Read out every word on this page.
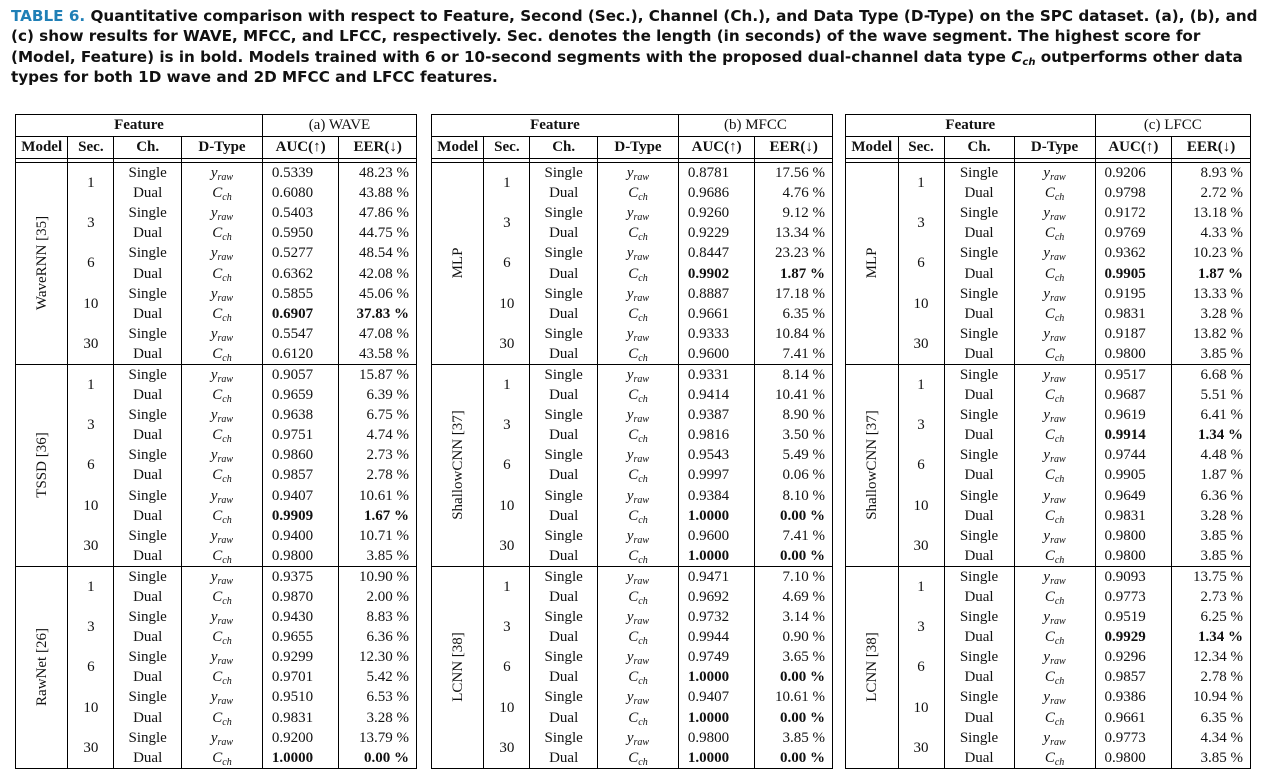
TABLE 6. Quantitative comparison with respect to Feature, Second (Sec.), Channel (Ch.), and Data Type (D-Type) on the SPC dataset. (a), (b), and (c) show results for WAVE, MFCC, and LFCC, respectively. Sec. denotes the length (in seconds) of the wave segment. The highest score for (Model, Feature) is in bold. Models trained with 6 or 10-second segments with the proposed dual-channel data type $C_{ch}$ outperforms other data types for both 1D wave and 2D MFCC and LFCC features.
Feature				(a) WAVE	
Model	Sec.	Ch.	D-Type	AUC(↑)	EER(↓)

WaveRNN [35]	1	Single	$y_{raw}$	0.5339	48.23 %
		Dual	$C_{ch}$	0.6080	43.88 %
	3	Single	$y_{raw}$	0.5403	47.86 %
		Dual	$C_{ch}$	0.5950	44.75 %
	6	Single	$y_{raw}$	0.5277	48.54 %
		Dual	$C_{ch}$	0.6362	42.08 %
	10	Single	$y_{raw}$	0.5855	45.06 %
		Dual	$C_{ch}$	0.6907	37.83 %
	30	Single	$y_{raw}$	0.5547	47.08 %
		Dual	$C_{ch}$	0.6120	43.58 %

TSSD [36]	1	Single	$y_{raw}$	0.9057	15.87 %
		Dual	$C_{ch}$	0.9659	6.39 %
	3	Single	$y_{raw}$	0.9638	6.75 %
		Dual	$C_{ch}$	0.9751	4.74 %
	6	Single	$y_{raw}$	0.9860	2.73 %
		Dual	$C_{ch}$	0.9857	2.78 %
	10	Single	$y_{raw}$	0.9407	10.61 %
		Dual	$C_{ch}$	0.9909	1.67 %
	30	Single	$y_{raw}$	0.9400	10.71 %
		Dual	$C_{ch}$	0.9800	3.85 %

RawNet [26]	1	Single	$y_{raw}$	0.9375	10.90 %
		Dual	$C_{ch}$	0.9870	2.00 %
	3	Single	$y_{raw}$	0.9430	8.83 %
		Dual	$C_{ch}$	0.9655	6.36 %
	6	Single	$y_{raw}$	0.9299	12.30 %
		Dual	$C_{ch}$	0.9701	5.42 %
	10	Single	$y_{raw}$	0.9510	6.53 %
		Dual	$C_{ch}$	0.9831	3.28 %
	30	Single	$y_{raw}$	0.9200	13.79 %
		Dual	$C_{ch}$	1.0000	0.00 %
Feature				(b) MFCC	
Model	Sec.	Ch.	D-Type	AUC(↑)	EER(↓)

MLP	1	Single	$y_{raw}$	0.8781	17.56 %
		Dual	$C_{ch}$	0.9686	4.76 %
	3	Single	$y_{raw}$	0.9260	9.12 %
		Dual	$C_{ch}$	0.9229	13.34 %
	6	Single	$y_{raw}$	0.8447	23.23 %
		Dual	$C_{ch}$	0.9902	1.87 %
	10	Single	$y_{raw}$	0.8887	17.18 %
		Dual	$C_{ch}$	0.9661	6.35 %
	30	Single	$y_{raw}$	0.9333	10.84 %
		Dual	$C_{ch}$	0.9600	7.41 %

ShallowCNN [37]	1	Single	$y_{raw}$	0.9331	8.14 %
		Dual	$C_{ch}$	0.9414	10.41 %
	3	Single	$y_{raw}$	0.9387	8.90 %
		Dual	$C_{ch}$	0.9816	3.50 %
	6	Single	$y_{raw}$	0.9543	5.49 %
		Dual	$C_{ch}$	0.9997	0.06 %
	10	Single	$y_{raw}$	0.9384	8.10 %
		Dual	$C_{ch}$	1.0000	0.00 %
	30	Single	$y_{raw}$	0.9600	7.41 %
		Dual	$C_{ch}$	1.0000	0.00 %

LCNN [38]	1	Single	$y_{raw}$	0.9471	7.10 %
		Dual	$C_{ch}$	0.9692	4.69 %
	3	Single	$y_{raw}$	0.9732	3.14 %
		Dual	$C_{ch}$	0.9944	0.90 %
	6	Single	$y_{raw}$	0.9749	3.65 %
		Dual	$C_{ch}$	1.0000	0.00 %
	10	Single	$y_{raw}$	0.9407	10.61 %
		Dual	$C_{ch}$	1.0000	0.00 %
	30	Single	$y_{raw}$	0.9800	3.85 %
		Dual	$C_{ch}$	1.0000	0.00 %
Feature				(c) LFCC	
Model	Sec.	Ch.	D-Type	AUC(↑)	EER(↓)

MLP	1	Single	$y_{raw}$	0.9206	8.93 %
		Dual	$C_{ch}$	0.9798	2.72 %
	3	Single	$y_{raw}$	0.9172	13.18 %
		Dual	$C_{ch}$	0.9769	4.33 %
	6	Single	$y_{raw}$	0.9362	10.23 %
		Dual	$C_{ch}$	0.9905	1.87 %
	10	Single	$y_{raw}$	0.9195	13.33 %
		Dual	$C_{ch}$	0.9831	3.28 %
	30	Single	$y_{raw}$	0.9187	13.82 %
		Dual	$C_{ch}$	0.9800	3.85 %

ShallowCNN [37]	1	Single	$y_{raw}$	0.9517	6.68 %
		Dual	$C_{ch}$	0.9687	5.51 %
	3	Single	$y_{raw}$	0.9619	6.41 %
		Dual	$C_{ch}$	0.9914	1.34 %
	6	Single	$y_{raw}$	0.9744	4.48 %
		Dual	$C_{ch}$	0.9905	1.87 %
	10	Single	$y_{raw}$	0.9649	6.36 %
		Dual	$C_{ch}$	0.9831	3.28 %
	30	Single	$y_{raw}$	0.9800	3.85 %
		Dual	$C_{ch}$	0.9800	3.85 %

LCNN [38]	1	Single	$y_{raw}$	0.9093	13.75 %
		Dual	$C_{ch}$	0.9773	2.73 %
	3	Single	$y_{raw}$	0.9519	6.25 %
		Dual	$C_{ch}$	0.9929	1.34 %
	6	Single	$y_{raw}$	0.9296	12.34 %
		Dual	$C_{ch}$	0.9857	2.78 %
	10	Single	$y_{raw}$	0.9386	10.94 %
		Dual	$C_{ch}$	0.9661	6.35 %
	30	Single	$y_{raw}$	0.9773	4.34 %
		Dual	$C_{ch}$	0.9800	3.85 %
